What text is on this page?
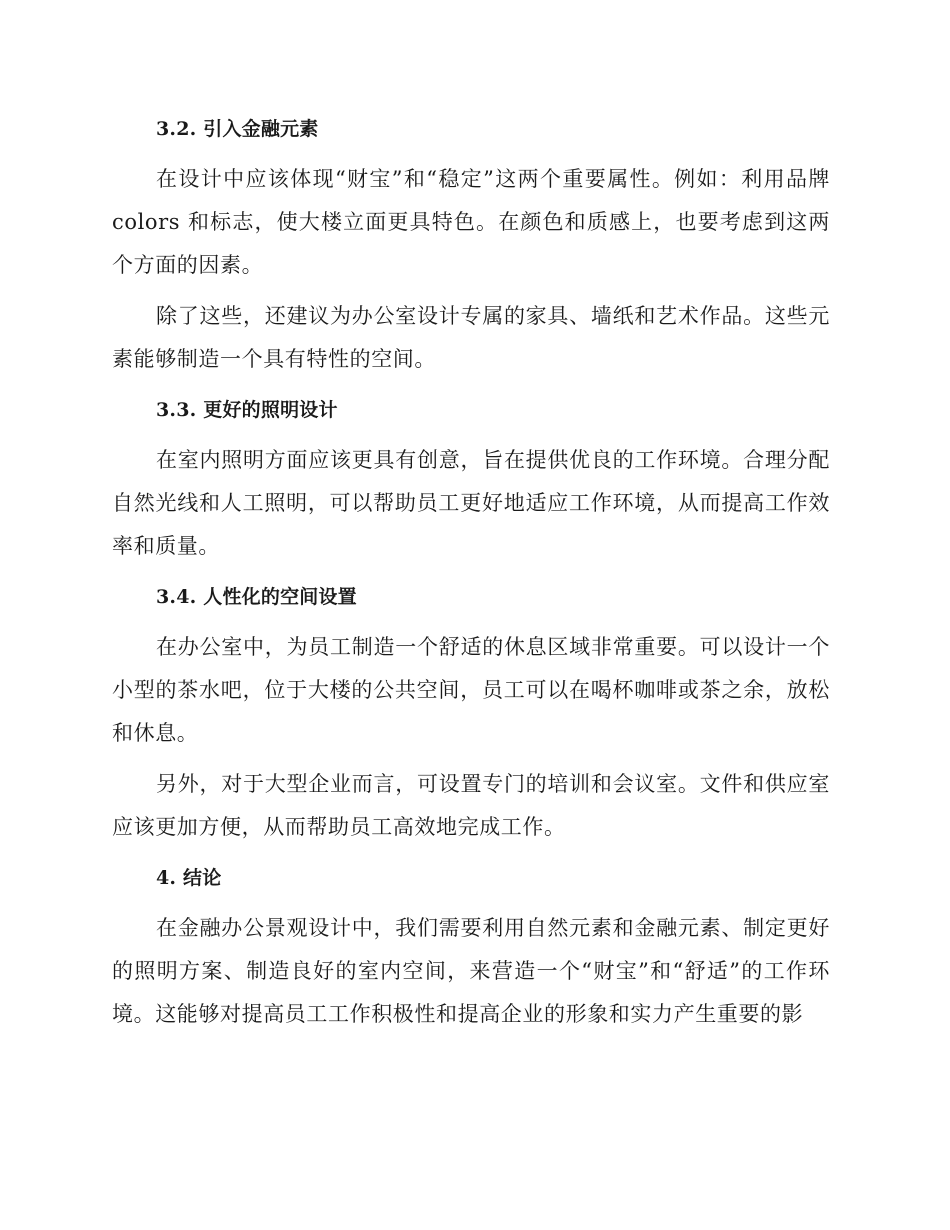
3.2. 引入金融元素

在设计中应该体现“财宝”和“稳定”这两个重要属性。例如：利用品牌 colors 和标志，使大楼立面更具特色。在颜色和质感上，也要考虑到这两个方面的因素。

除了这些，还建议为办公室设计专属的家具、墙纸和艺术作品。这些元素能够制造一个具有特性的空间。

3.3. 更好的照明设计

在室内照明方面应该更具有创意，旨在提供优良的工作环境。合理分配自然光线和人工照明，可以帮助员工更好地适应工作环境，从而提高工作效率和质量。

3.4. 人性化的空间设置

在办公室中，为员工制造一个舒适的休息区域非常重要。可以设计一个小型的茶水吧，位于大楼的公共空间，员工可以在喝杯咖啡或茶之余，放松和休息。

另外，对于大型企业而言，可设置专门的培训和会议室。文件和供应室应该更加方便，从而帮助员工高效地完成工作。

4. 结论

在金融办公景观设计中，我们需要利用自然元素和金融元素、制定更好的照明方案、制造良好的室内空间，来营造一个“财宝”和“舒适”的工作环境。这能够对提高员工工作积极性和提高企业的形象和实力产生重要的影
